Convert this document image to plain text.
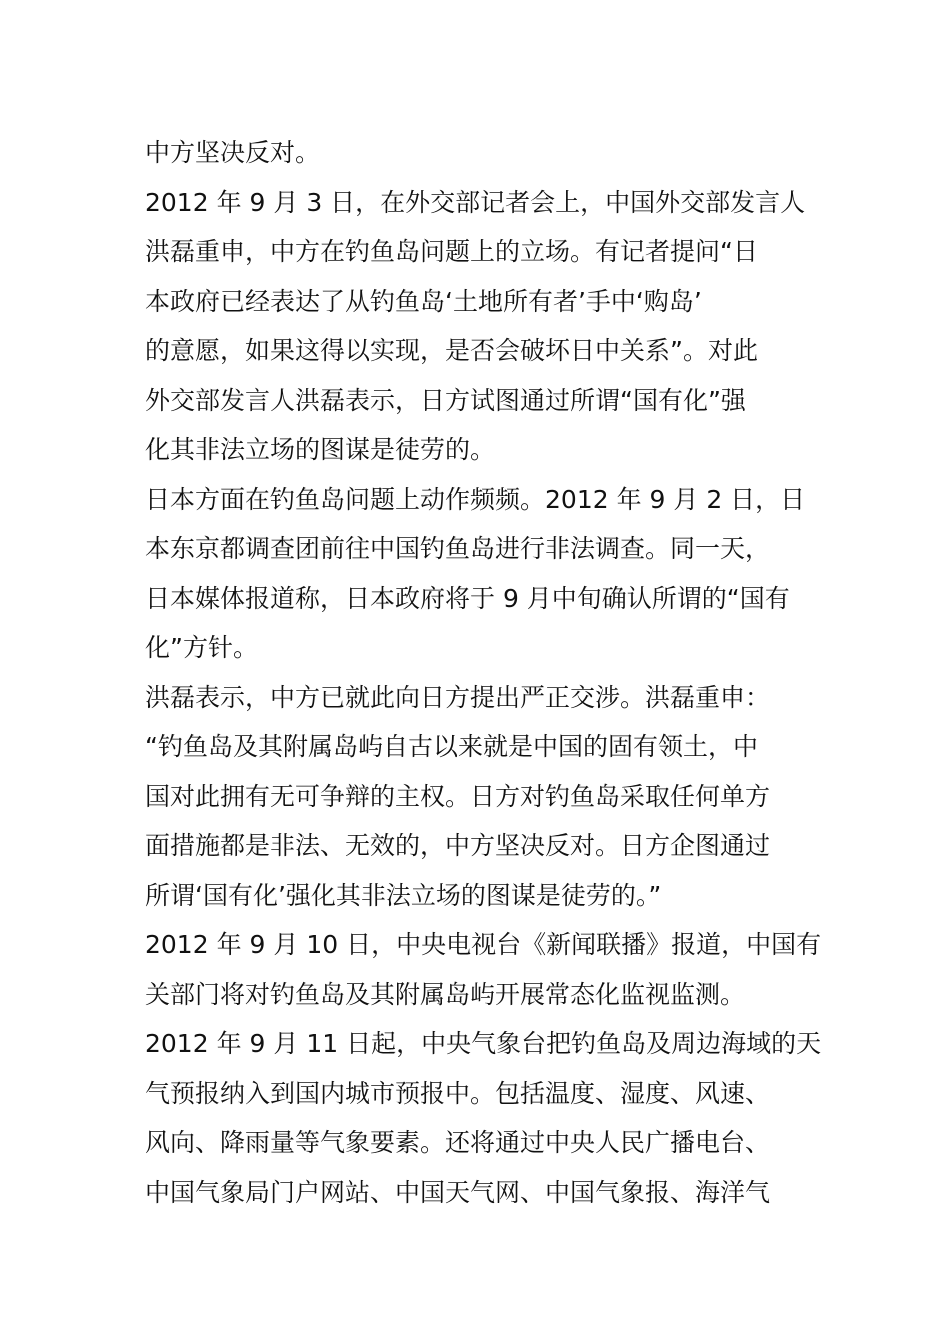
中方坚决反对。
2012 年 9 月 3 日，在外交部记者会上，中国外交部发言人
洪磊重申，中方在钓鱼岛问题上的立场。有记者提问“日
本政府已经表达了从钓鱼岛‘土地所有者’手中‘购岛’
的意愿，如果这得以实现，是否会破坏日中关系”。对此
外交部发言人洪磊表示，日方试图通过所谓“国有化”强
化其非法立场的图谋是徒劳的。
日本方面在钓鱼岛问题上动作频频。2012 年 9 月 2 日，日
本东京都调查团前往中国钓鱼岛进行非法调查。同一天，
日本媒体报道称，日本政府将于 9 月中旬确认所谓的“国有
化”方针。
洪磊表示，中方已就此向日方提出严正交涉。洪磊重申：
“钓鱼岛及其附属岛屿自古以来就是中国的固有领土，中
国对此拥有无可争辩的主权。日方对钓鱼岛采取任何单方
面措施都是非法、无效的，中方坚决反对。日方企图通过
所谓‘国有化’强化其非法立场的图谋是徒劳的。”
2012 年 9 月 10 日，中央电视台《新闻联播》报道，中国有
关部门将对钓鱼岛及其附属岛屿开展常态化监视监测。
2012 年 9 月 11 日起，中央气象台把钓鱼岛及周边海域的天
气预报纳入到国内城市预报中。包括温度、湿度、风速、
风向、降雨量等气象要素。还将通过中央人民广播电台、
中国气象局门户网站、中国天气网、中国气象报、海洋气
